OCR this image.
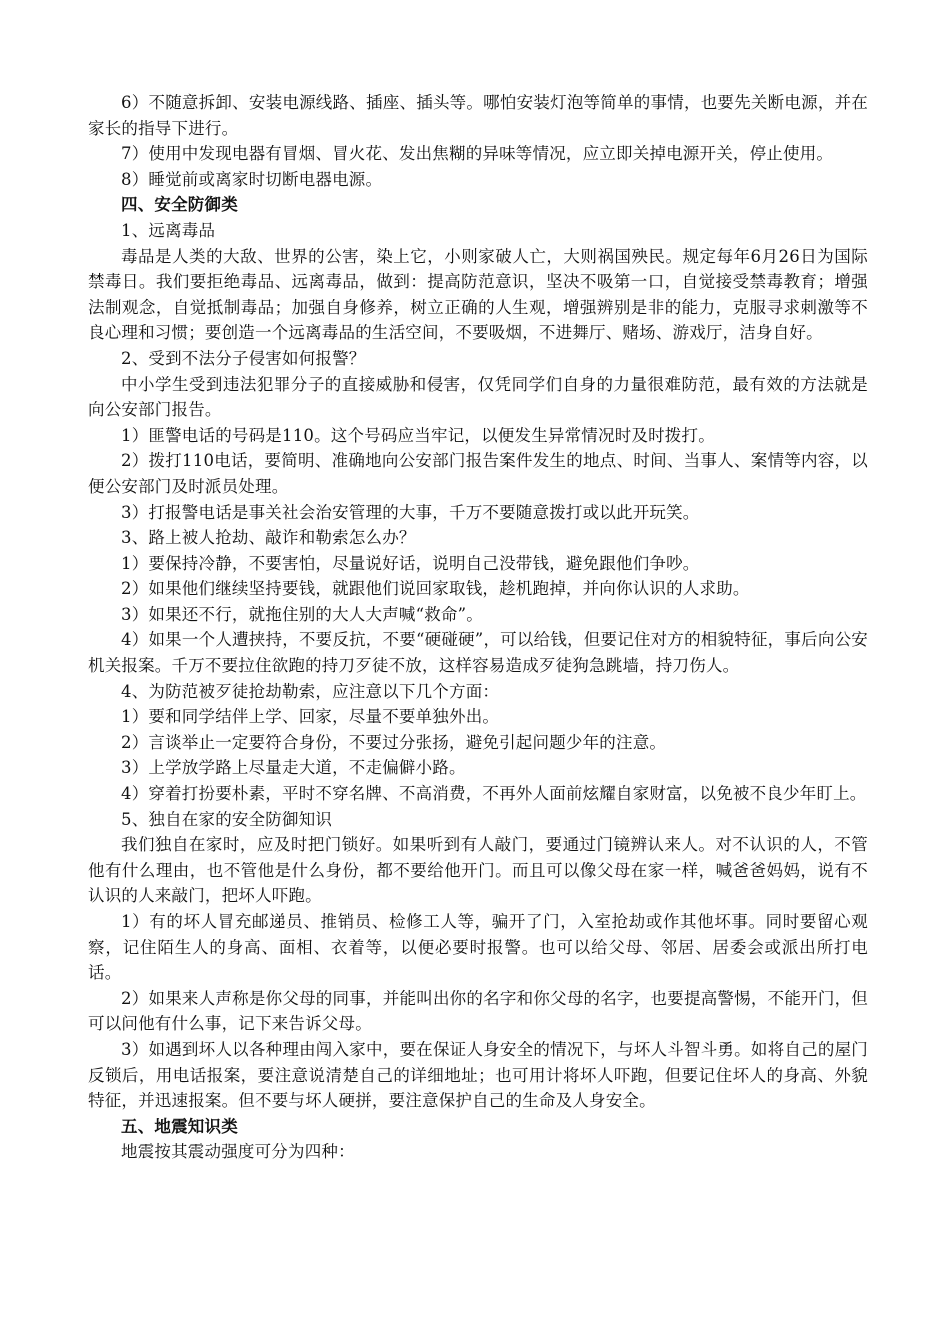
6）不随意拆卸、安装电源线路、插座、插头等。哪怕安装灯泡等简单的事情，也要先关断电源，并在家长的指导下进行。

7）使用中发现电器有冒烟、冒火花、发出焦糊的异味等情况，应立即关掉电源开关，停止使用。

8）睡觉前或离家时切断电器电源。

四、安全防御类

1、远离毒品

毒品是人类的大敌、世界的公害，染上它，小则家破人亡，大则祸国殃民。规定每年6月26日为国际禁毒日。我们要拒绝毒品、远离毒品，做到：提高防范意识，坚决不吸第一口，自觉接受禁毒教育；增强法制观念，自觉抵制毒品；加强自身修养，树立正确的人生观，增强辨别是非的能力，克服寻求刺激等不良心理和习惯；要创造一个远离毒品的生活空间，不要吸烟，不进舞厅、赌场、游戏厅，洁身自好。

2、受到不法分子侵害如何报警？

中小学生受到违法犯罪分子的直接威胁和侵害，仅凭同学们自身的力量很难防范，最有效的方法就是向公安部门报告。

1）匪警电话的号码是110。这个号码应当牢记，以便发生异常情况时及时拨打。

2）拨打110电话，要简明、准确地向公安部门报告案件发生的地点、时间、当事人、案情等内容，以便公安部门及时派员处理。

3）打报警电话是事关社会治安管理的大事，千万不要随意拨打或以此开玩笑。

3、路上被人抢劫、敲诈和勒索怎么办？

1）要保持冷静，不要害怕，尽量说好话，说明自己没带钱，避免跟他们争吵。

2）如果他们继续坚持要钱，就跟他们说回家取钱，趁机跑掉，并向你认识的人求助。

3）如果还不行，就拖住别的大人大声喊“救命”。

4）如果一个人遭挟持，不要反抗，不要“硬碰硬”，可以给钱，但要记住对方的相貌特征，事后向公安机关报案。千万不要拉住欲跑的持刀歹徒不放，这样容易造成歹徒狗急跳墙，持刀伤人。

4、为防范被歹徒抢劫勒索，应注意以下几个方面：

1）要和同学结伴上学、回家，尽量不要单独外出。

2）言谈举止一定要符合身份，不要过分张扬，避免引起问题少年的注意。

3）上学放学路上尽量走大道，不走偏僻小路。

4）穿着打扮要朴素，平时不穿名牌、不高消费，不再外人面前炫耀自家财富，以免被不良少年盯上。

5、独自在家的安全防御知识

我们独自在家时，应及时把门锁好。如果听到有人敲门，要通过门镜辨认来人。对不认识的人，不管他有什么理由，也不管他是什么身份，都不要给他开门。而且可以像父母在家一样，喊爸爸妈妈，说有不认识的人来敲门，把坏人吓跑。

1）有的坏人冒充邮递员、推销员、检修工人等，骗开了门，入室抢劫或作其他坏事。同时要留心观察，记住陌生人的身高、面相、衣着等，以便必要时报警。也可以给父母、邻居、居委会或派出所打电话。

2）如果来人声称是你父母的同事，并能叫出你的名字和你父母的名字，也要提高警惕，不能开门，但可以问他有什么事，记下来告诉父母。

3）如遇到坏人以各种理由闯入家中，要在保证人身安全的情况下，与坏人斗智斗勇。如将自己的屋门反锁后，用电话报案，要注意说清楚自己的详细地址；也可用计将坏人吓跑，但要记住坏人的身高、外貌特征，并迅速报案。但不要与坏人硬拼，要注意保护自己的生命及人身安全。

五、地震知识类

地震按其震动强度可分为四种：
